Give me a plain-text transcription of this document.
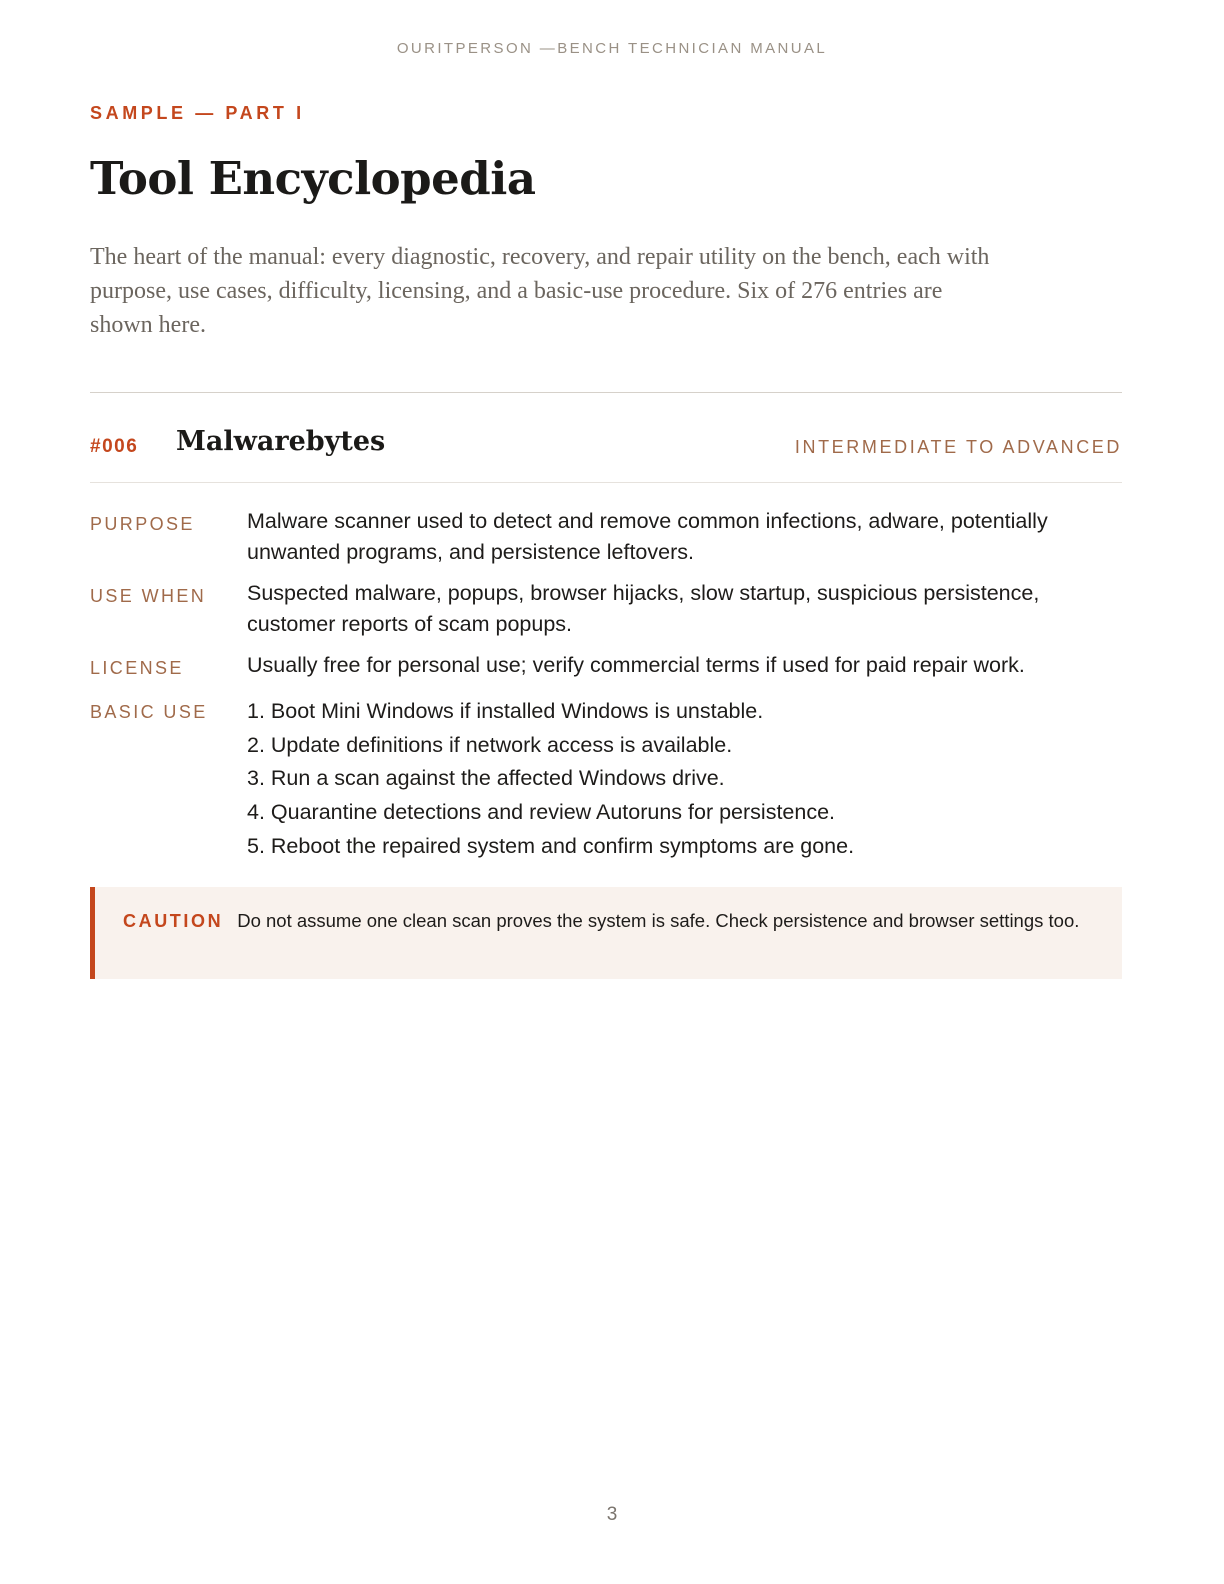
OURITPERSON —BENCH TECHNICIAN MANUAL
SAMPLE — PART I
Tool Encyclopedia

The heart of the manual: every diagnostic, recovery, and repair utility on the bench, each with purpose, use cases, difficulty, licensing, and a basic-use procedure. Six of 276 entries are shown here.

#006 Malwarebytes	INTERMEDIATE TO ADVANCED
PURPOSE	Malware scanner used to detect and remove common infections, adware, potentially unwanted programs, and persistence leftovers.

USE WHEN	Suspected malware, popups, browser hijacks, slow startup, suspicious persistence, customer reports of scam popups.

LICENSE	Usually free for personal use; verify commercial terms if used for paid repair work.

BASIC USE	1. Boot Mini Windows if installed Windows is unstable.
2. Update definitions if network access is available.
3. Run a scan against the affected Windows drive.
4. Quarantine detections and review Autoruns for persistence.
5. Reboot the repaired system and confirm symptoms are gone.

CAUTION Do not assume one clean scan proves the system is safe. Check persistence and browser settings too.

3
